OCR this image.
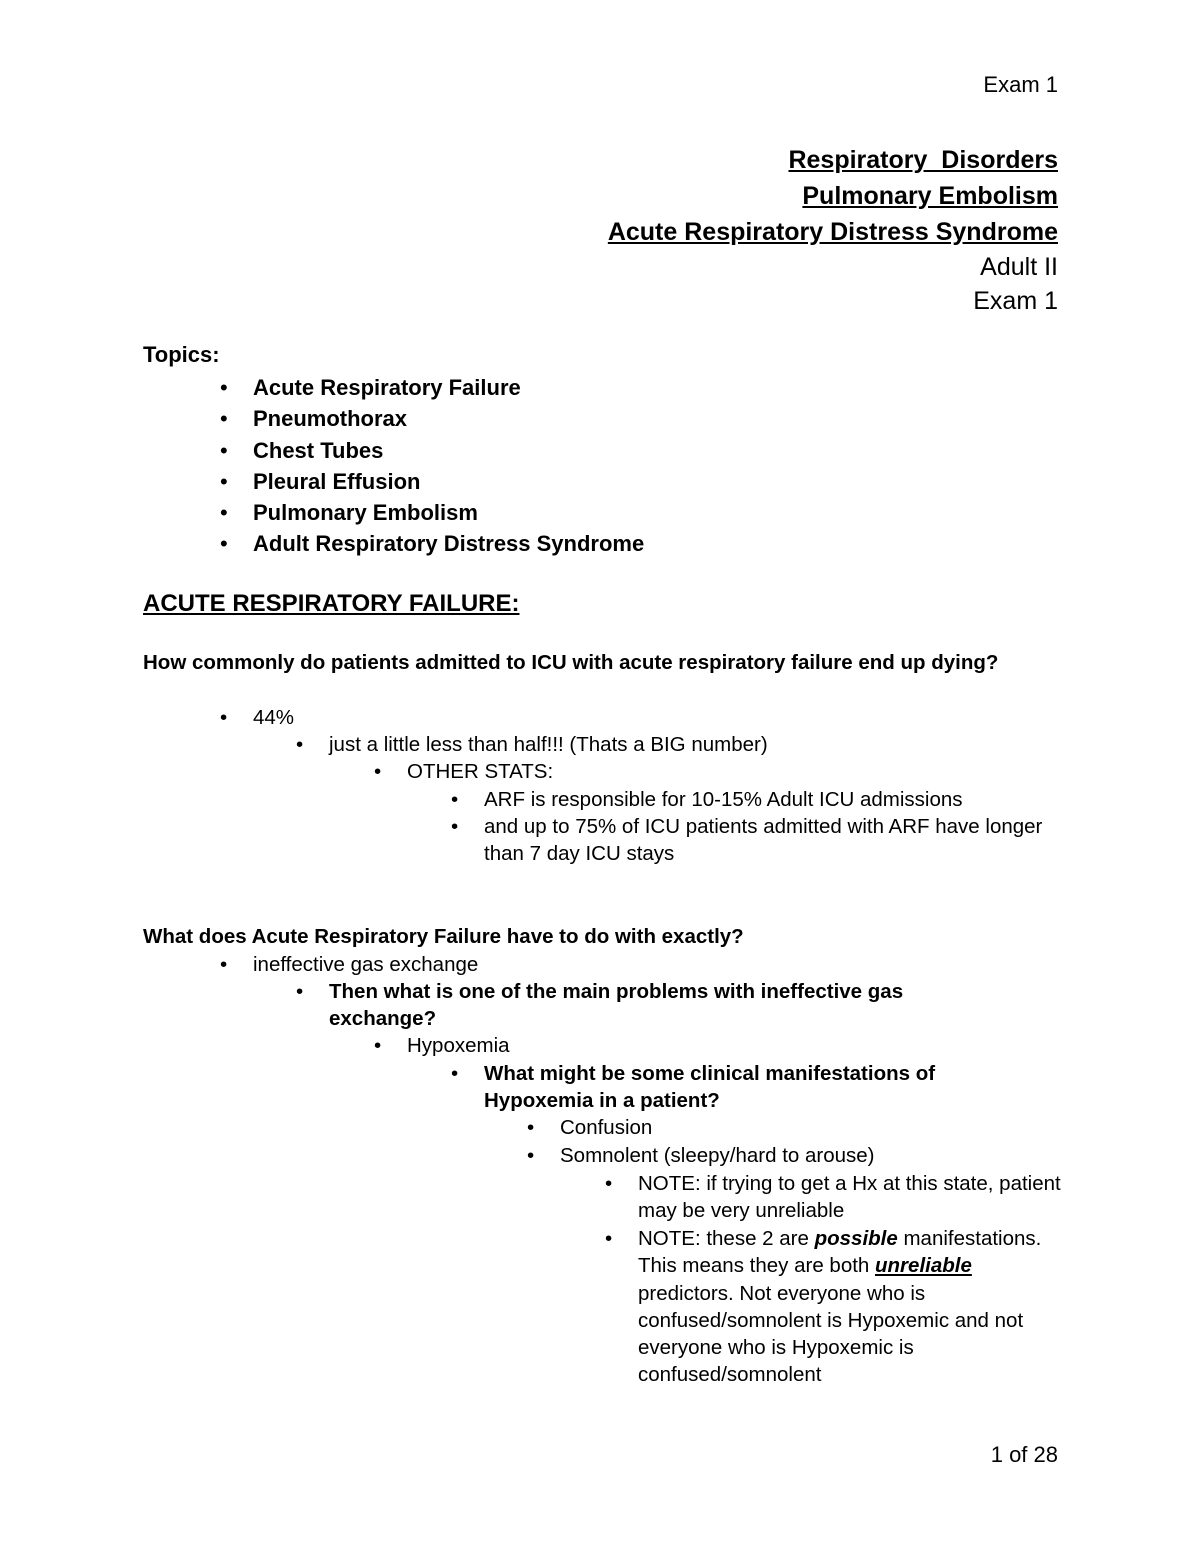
Exam 1
Respiratory  Disorders
Pulmonary Embolism
Acute Respiratory Distress Syndrome
Adult II
Exam 1
Topics:
• Acute Respiratory Failure
• Pneumothorax
• Chest Tubes
• Pleural Effusion
• Pulmonary Embolism
• Adult Respiratory Distress Syndrome
ACUTE RESPIRATORY FAILURE:
How commonly do patients admitted to ICU with acute respiratory failure end up dying?
• 44%
• just a little less than half!!! (Thats a BIG number)
• OTHER STATS:
• ARF is responsible for 10-15% Adult ICU admissions
• and up to 75% of ICU patients admitted with ARF have longer than 7 day ICU stays
What does Acute Respiratory Failure have to do with exactly?
• ineffective gas exchange
• Then what is one of the main problems with ineffective gas exchange?
• Hypoxemia
• What might be some clinical manifestations of Hypoxemia in a patient?
• Confusion
• Somnolent (sleepy/hard to arouse)
• NOTE: if trying to get a Hx at this state, patient may be very unreliable
• NOTE: these 2 are possible manifestations. This means they are both unreliable predictors. Not everyone who is confused/somnolent is Hypoxemic and not everyone who is Hypoxemic is confused/somnolent
1 of 28
